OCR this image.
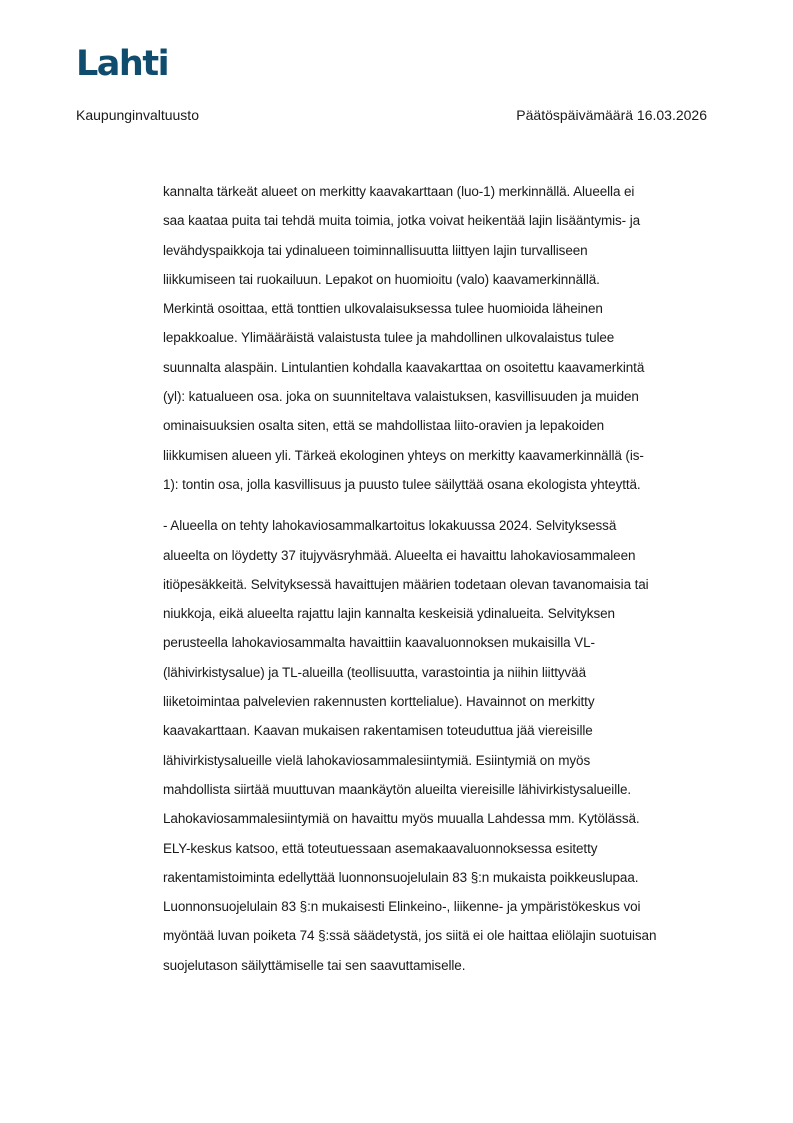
Lahti
Kaupunginvaltuusto	Päätöspäivämäärä 16.03.2026

kannalta tärkeät alueet on merkitty kaavakarttaan (luo-1) merkinnällä. Alueella ei
saa kaataa puita tai tehdä muita toimia, jotka voivat heikentää lajin lisääntymis- ja
levähdyspaikkoja tai ydinalueen toiminnallisuutta liittyen lajin turvalliseen
liikkumiseen tai ruokailuun. Lepakot on huomioitu (valo) kaavamerkinnällä.
Merkintä osoittaa, että tonttien ulkovalaisuksessa tulee huomioida läheinen
lepakkoalue. Ylimääräistä valaistusta tulee ja mahdollinen ulkovalaistus tulee
suunnalta alaspäin. Lintulantien kohdalla kaavakarttaa on osoitettu kaavamerkintä
(yl): katualueen osa. joka on suunniteltava valaistuksen, kasvillisuuden ja muiden
ominaisuuksien osalta siten, että se mahdollistaa liito-oravien ja lepakoiden
liikkumisen alueen yli. Tärkeä ekologinen yhteys on merkitty kaavamerkinnällä (is-
1): tontin osa, jolla kasvillisuus ja puusto tulee säilyttää osana ekologista yhteyttä.

- Alueella on tehty lahokaviosammalkartoitus lokakuussa 2024. Selvityksessä
alueelta on löydetty 37 itujyväsryhmää. Alueelta ei havaittu lahokaviosammaleen
itiöpesäkkeitä. Selvityksessä havaittujen määrien todetaan olevan tavanomaisia tai
niukkoja, eikä alueelta rajattu lajin kannalta keskeisiä ydinalueita. Selvityksen
perusteella lahokaviosammalta havaittiin kaavaluonnoksen mukaisilla VL-
(lähivirkistysalue) ja TL-alueilla (teollisuutta, varastointia ja niihin liittyvää
liiketoimintaa palvelevien rakennusten korttelialue). Havainnot on merkitty
kaavakarttaan. Kaavan mukaisen rakentamisen toteuduttua jää viereisille
lähivirkistysalueille vielä lahokaviosammalesiintymiä. Esiintymiä on myös
mahdollista siirtää muuttuvan maankäytön alueilta viereisille lähivirkistysalueille.
Lahokaviosammalesiintymiä on havaittu myös muualla Lahdessa mm. Kytölässä.
ELY-keskus katsoo, että toteutuessaan asemakaavaluonnoksessa esitetty
rakentamistoiminta edellyttää luonnonsuojelulain 83 §:n mukaista poikkeuslupaa.
Luonnonsuojelulain 83 §:n mukaisesti Elinkeino-, liikenne- ja ympäristökeskus voi
myöntää luvan poiketa 74 §:ssä säädetystä, jos siitä ei ole haittaa eliölajin suotuisan
suojelutason säilyttämiselle tai sen saavuttamiselle.
